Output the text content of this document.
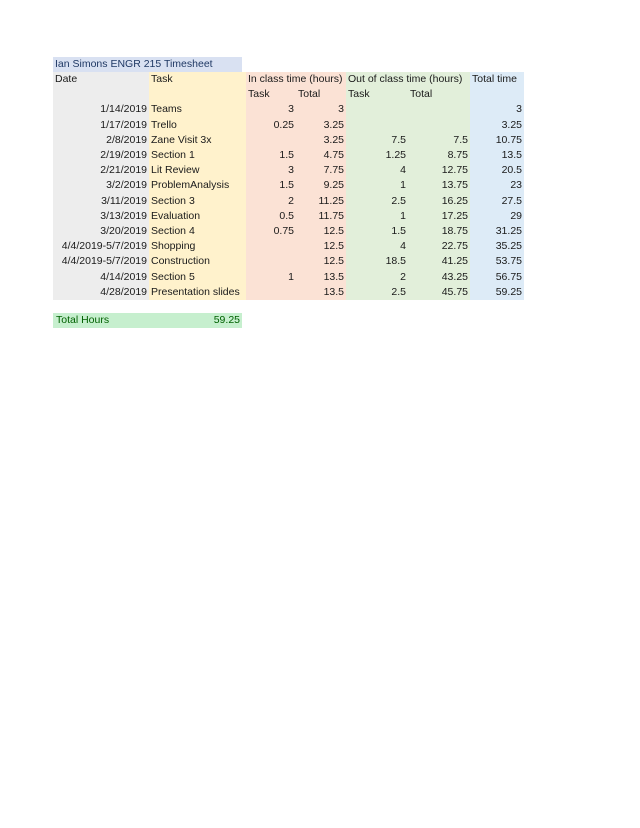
Ian Simons ENGR 215 Timesheet
Date	Task	In class time (hours)		Out of class time (hours)		Total time
		Task	Total	Task	Total	
1/14/2019	Teams	3	3			3
1/17/2019	Trello	0.25	3.25			3.25
2/8/2019	Zane Visit 3x		3.25	7.5	7.5	10.75
2/19/2019	Section 1	1.5	4.75	1.25	8.75	13.5
2/21/2019	Lit Review	3	7.75	4	12.75	20.5
3/2/2019	ProblemAnalysis	1.5	9.25	1	13.75	23
3/11/2019	Section 3	2	11.25	2.5	16.25	27.5
3/13/2019	Evaluation	0.5	11.75	1	17.25	29
3/20/2019	Section 4	0.75	12.5	1.5	18.75	31.25
4/4/2019-5/7/2019	Shopping		12.5	4	22.75	35.25
4/4/2019-5/7/2019	Construction		12.5	18.5	41.25	53.75
4/14/2019	Section 5	1	13.5	2	43.25	56.75
4/28/2019	Presentation slides		13.5	2.5	45.75	59.25
Total Hours	59.25
